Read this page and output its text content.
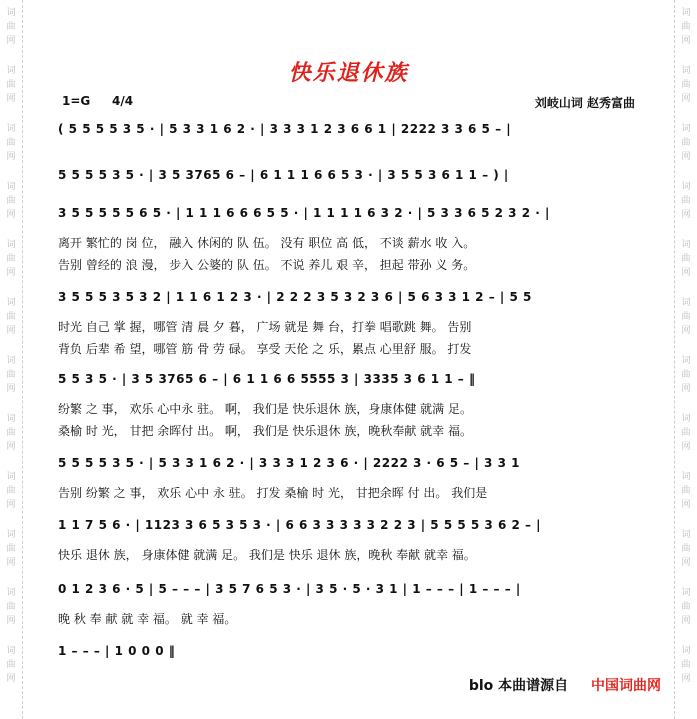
词
曲
网
词
曲
网
词
曲
网
词
曲
网
词
曲
网
词
曲
网
词
曲
网
词
曲
网
词
曲
网
词
曲
网
词
曲
网
词
曲
网
词
曲
网
词
曲
网
词
曲
网
词
曲
网
词
曲
网
词
曲
网
词
曲
网
词
曲
网
词
曲
网
词
曲
网
词
曲
网
词
曲
网
快乐退休族
1=G 4/4	刘岐山词 赵秀富曲
( 5 5 5 5 3 5 · | 5 3 3 1 6 2 · | 3 3 3 1 2 3 6 6 1 | 2222 3 3 6 5 – |
5 5 5 5 3 5 · | 3 5 3765 6 – | 6 1 1 1 6 6 5 3 · | 3 5 5 3 6 1 1 – ) |
3 5 5 5 5 5 6 5 · | 1 1 1 6 6 6 5 5 · | 1 1 1 1 6 3 2 · | 5 3 3 6 5 2 3 2 · |
离开 繁忙的 岗 位， 融入 休闲的 队 伍。 没有 职位 高 低， 不谈 薪水 收 入。
告别 曾经的 浪 漫， 步入 公婆的 队 伍。 不说 养儿 艰 辛， 担起 带孙 义 务。
3 5 5 5 3 5 3 2 | 1 1 6 1 2 3 · | 2 2 2 3 5 3 2 3 6 | 5 6 3 3 1 2 – | 5 5
时光 自己 掌 握，哪管 清 晨 夕 暮， 广场 就是 舞 台，打拳 唱歌跳 舞。 告别
背负 后辈 希 望，哪管 筋 骨 劳 碌。 享受 天伦 之 乐，累点 心里舒 服。 打发
5 5 3 5 · | 3 5 3765 6 – | 6 1 1 6 6 5555 3 | 3335 3 6 1 1 – ‖
纷繁 之 事， 欢乐 心中永 驻。 啊， 我们是 快乐退休 族，身康体健 就满 足。
桑榆 时 光， 甘把 余晖付 出。 啊， 我们是 快乐退休 族，晚秋奉献 就幸 福。
5 5 5 5 3 5 · | 5 3 3 1 6 2 · | 3 3 3 1 2 3 6 · | 2222 3 · 6 5 – | 3 3 1
告别 纷繁 之 事， 欢乐 心中 永 驻。 打发 桑榆 时 光， 甘把余晖 付 出。 我们是
1 1 7 5 6 · | 1123 3 6 5 3 5 3 · | 6 6 3 3 3 3 3 2 2 3 | 5 5 5 5 3 6 2 – |
快乐 退休 族， 身康体健 就满 足。 我们是 快乐 退休 族，晚秋 奉献 就幸 福。
0 1 2 3 6 · 5 | 5 – – – | 3 5 7 6 5 3 · | 3 5 · 5 · 3 1 | 1 – – – | 1 – – – |
晚 秋 奉 献 就 幸 福。 就 幸 福。
1 – – – | 1 0 0 0 ‖
blo 本曲谱源自 中国词曲网
